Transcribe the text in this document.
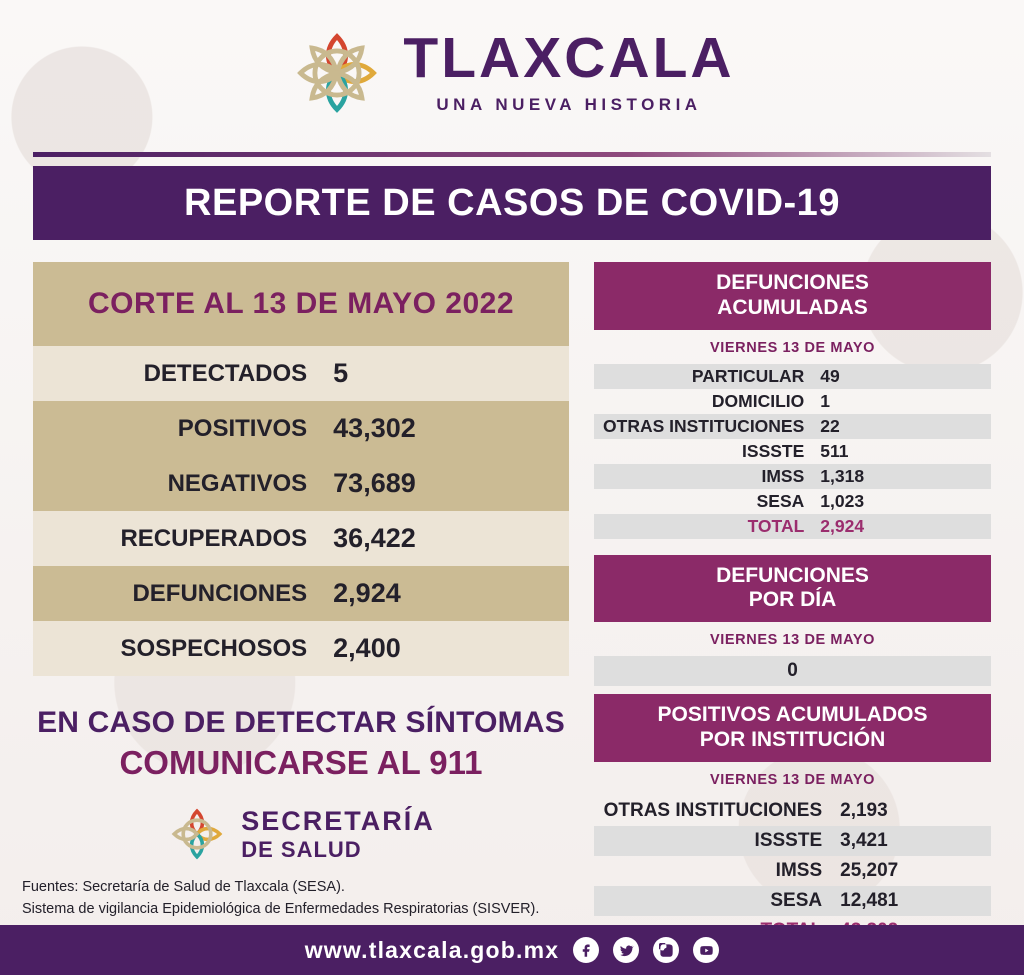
TLAXCALA
UNA NUEVA HISTORIA
REPORTE DE CASOS DE COVID-19
CORTE AL 13 DE MAYO 2022
DETECTADOS 5
POSITIVOS 43,302
NEGATIVOS 73,689
RECUPERADOS 36,422
DEFUNCIONES 2,924
SOSPECHOSOS 2,400
EN CASO DE DETECTAR SÍNTOMAS
COMUNICARSE AL 911
SECRETARÍA
DE SALUD
Fuentes: Secretaría de Salud de Tlaxcala (SESA).
Sistema de vigilancia Epidemiológica de Enfermedades Respiratorias (SISVER).
DEFUNCIONES
ACUMULADAS
VIERNES 13 DE MAYO
PARTICULAR 49
DOMICILIO 1
OTRAS INSTITUCIONES 22
ISSSTE 511
IMSS 1,318
SESA 1,023
TOTAL 2,924
DEFUNCIONES
POR DÍA
VIERNES 13 DE MAYO
0
POSITIVOS ACUMULADOS
POR INSTITUCIÓN
VIERNES 13 DE MAYO
OTRAS INSTITUCIONES 2,193
ISSSTE 3,421
IMSS 25,207
SESA 12,481
www.tlaxcala.gob.mx
